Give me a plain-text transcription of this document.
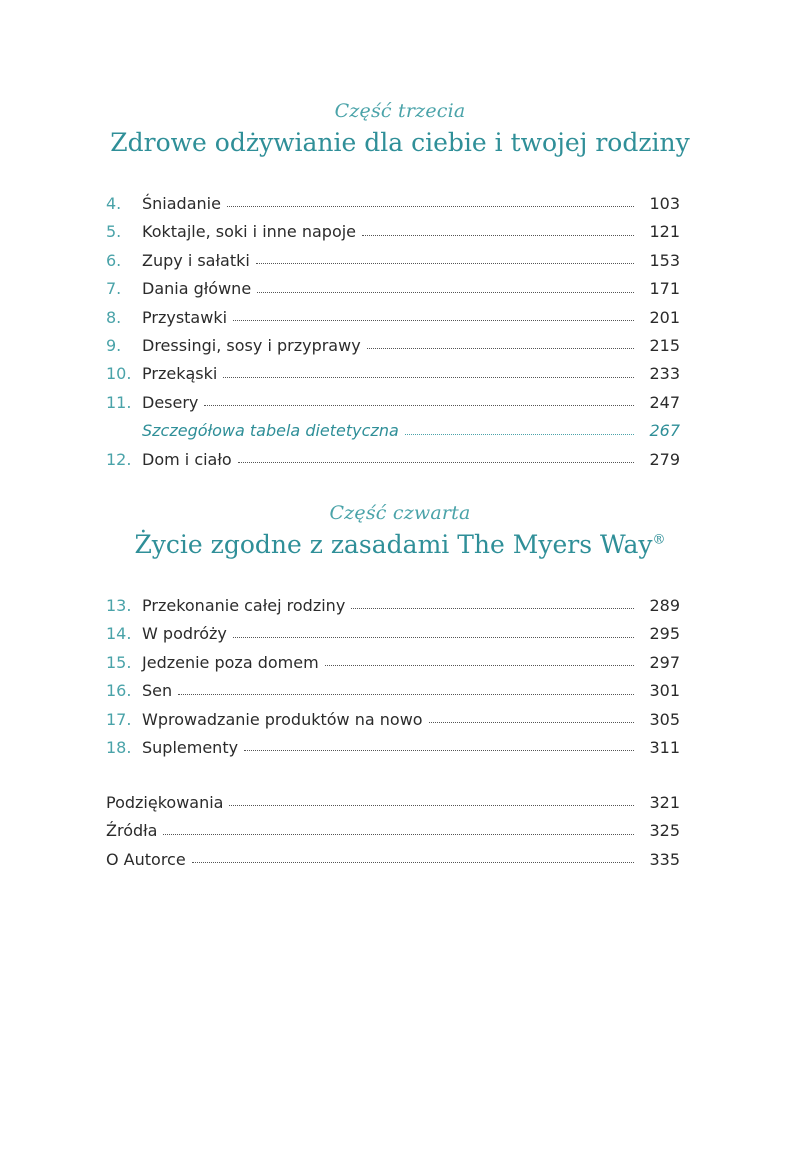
Część trzecia
Zdrowe odżywianie dla ciebie i twojej rodziny
4.	Śniadanie	103
5.	Koktajle, soki i inne napoje	121
6.	Zupy i sałatki	153
7.	Dania główne	171
8.	Przystawki	201
9.	Dressingi, sosy i przyprawy	215
10. Przekąski	233
11. Desery	247
Szczegółowa tabela dietetyczna	267
12. Dom i ciało	279
Część czwarta
Życie zgodne z zasadami The Myers Way®
13. Przekonanie całej rodziny	289
14. W podróży	295
15. Jedzenie poza domem	297
16. Sen	301
17. Wprowadzanie produktów na nowo	305
18. Suplementy	311
Podziękowania	321
Źródła	325
O Autorce	335
